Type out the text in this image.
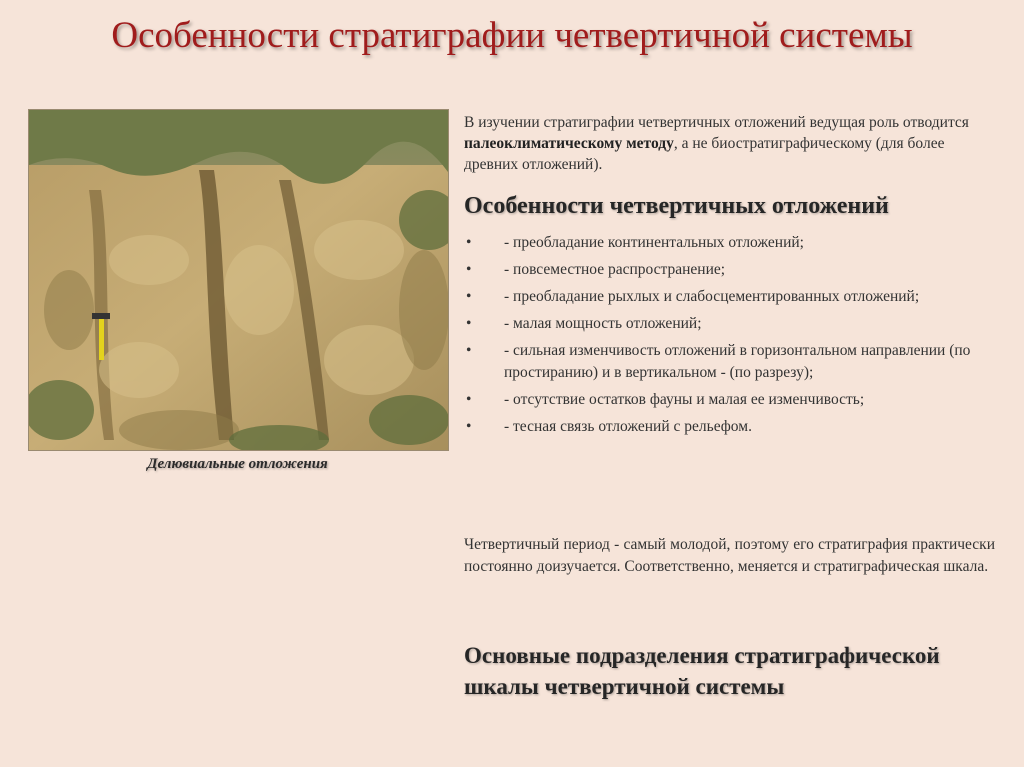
Особенности стратиграфии четвертичной системы
Делювиальные отложения

В изучении стратиграфии четвертичных отложений ведущая роль отводится палеоклиматическому методу, а не биостратиграфическому (для более древних отложений).

Особенности четвертичных отложений
• - преобладание континентальных отложений;
• - повсеместное распространение;
• - преобладание рыхлых и слабосцементированных отложений;
• - малая мощность отложений;
• - сильная изменчивость отложений в горизонтальном направлении (по простиранию) и в вертикальном - (по разрезу);
• - отсутствие остатков фауны и малая ее изменчивость;
• - тесная связь отложений с рельефом.

Четвертичный период - самый молодой, поэтому его стратиграфия практически постоянно доизучается. Соответственно, меняется и стратиграфическая шкала.

Основные подразделения стратиграфической шкалы четвертичной системы
